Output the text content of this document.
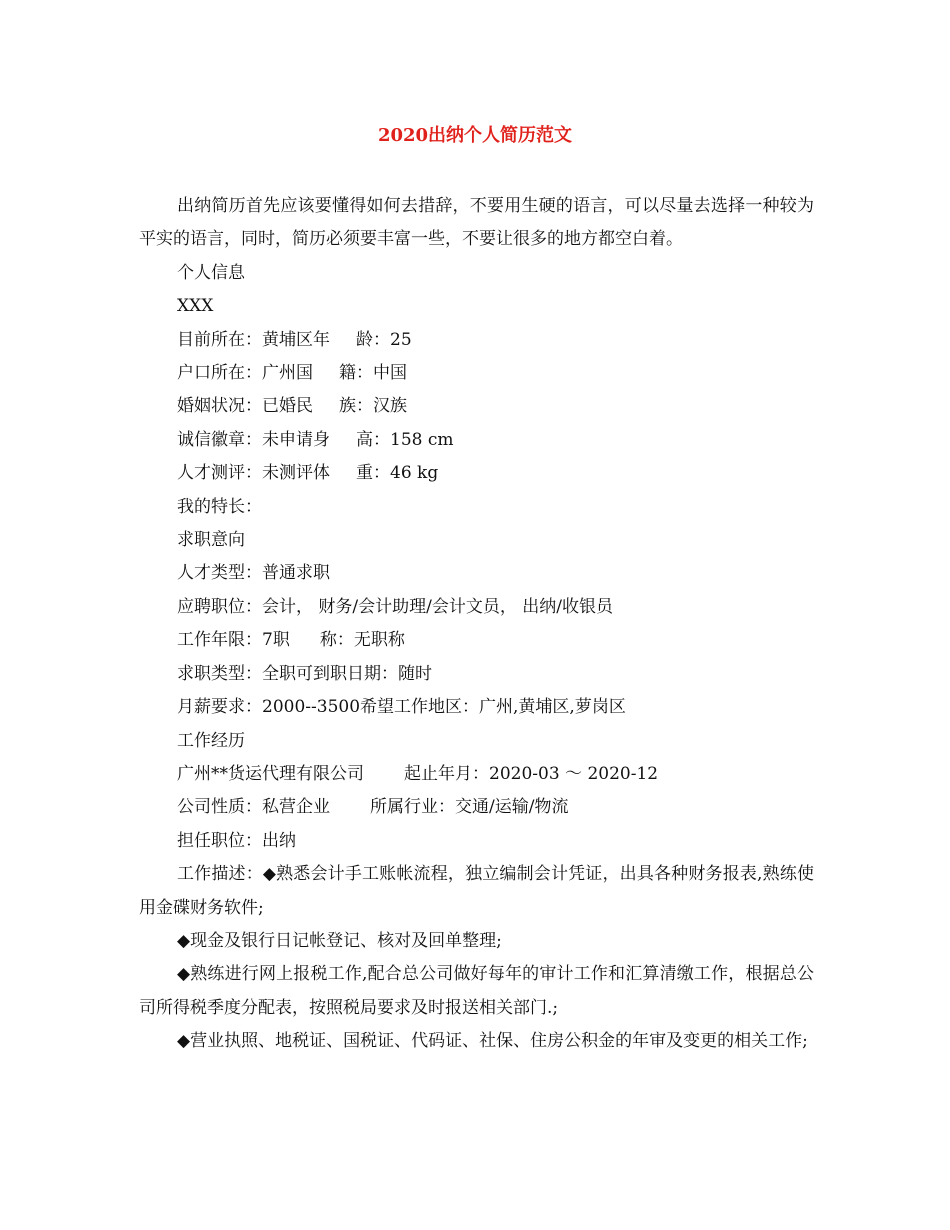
2020出纳个人简历范文

出纳简历首先应该要懂得如何去措辞，不要用生硬的语言，可以尽量去选择一种较为平实的语言，同时，简历必须要丰富一些，不要让很多的地方都空白着。

个人信息

XXX

目前所在：黄埔区年 龄：25

户口所在：广州国 籍：中国

婚姻状况：已婚民 族：汉族

诚信徽章：未申请身 高：158 cm

人才测评：未测评体 重：46 kg

我的特长：

求职意向

人才类型：普通求职

应聘职位：会计， 财务/会计助理/会计文员， 出纳/收银员

工作年限：7职 称：无职称

求职类型：全职可到职日期：随时

月薪要求：2000--3500希望工作地区：广州,黄埔区,萝岗区

工作经历

广州**货运代理有限公司 起止年月：2020-03 ～ 2020-12

公司性质：私营企业 所属行业：交通/运输/物流

担任职位：出纳

工作描述：◆熟悉会计手工账帐流程，独立编制会计凭证，出具各种财务报表,熟练使用金碟财务软件;

◆现金及银行日记帐登记、核对及回单整理;

◆熟练进行网上报税工作,配合总公司做好每年的审计工作和汇算清缴工作，根据总公司所得税季度分配表，按照税局要求及时报送相关部门.;

◆营业执照、地税证、国税证、代码证、社保、住房公积金的年审及变更的相关工作;
